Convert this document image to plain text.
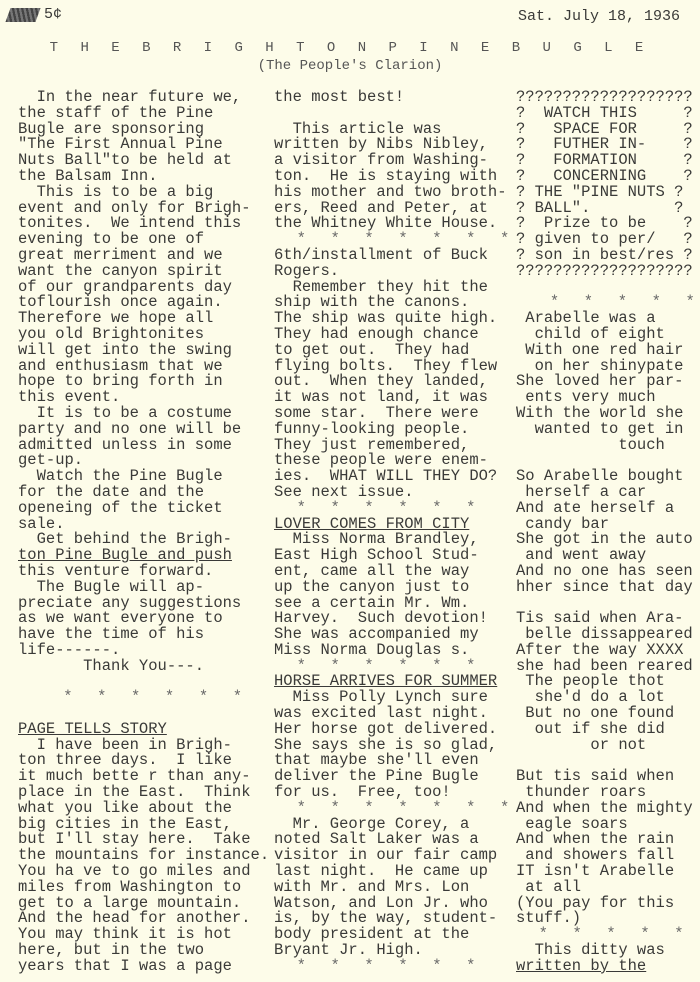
5¢	Sat. July 18, 1936
T H E B R I G H T O N P I N E B U G L E
(The People's Clarion)
In the near future we,
the staff of the Pine
Bugle are sponsoring
"The First Annual Pine
Nuts Ball"to be held at
the Balsam Inn.
This is to be a big
event and only for Brigh-
tonites.  We intend this
evening to be one of
great merriment and we
want the canyon spirit
of our grandparents day
toflourish once again.
Therefore we hope all
you old Brightonites
will get into the swing
and enthusiasm that we
hope to bring forth in
this event.
It is to be a costume
party and no one will be
admitted unless in some
get-up.
Watch the Pine Bugle
for the date and the
openeing of the ticket
sale.
Get behind the Brigh-
ton Pine Bugle and push
this venture forward.
The Bugle will ap-
preciate any suggestions
as we want everyone to
have the time of his
life------.
Thank You---.
*  *  *  *  *  *
PAGE TELLS STORY
I have been in Brigh-
ton three days.  I like
it much bette r than any-
place in the East.  Think
what you like about the
big cities in the East,
but I'll stay here.  Take
the mountains for instance.
You ha ve to go miles and
miles from Washington to
get to a large mountain.
And the head for another.
You may think it is hot
here, but in the two
years that I was a page
the most best!
This article was
written by Nibs Nibley,
a visitor from Washing-
ton.  He is staying with
his mother and two broth-
ers, Reed and Peter, at
the Whitney White House.
*  *  *  *  *  *  *
6th/installment of Buck
Rogers.
Remember they hit the
ship with the canons.
The ship was quite high.
They had enough chance
to get out.  They had
flying bolts.  They flew
out.  When they landed,
it was not land, it was
some star.  There were
funny-looking people.
They just remembered,
these people were enem-
ies.  WHAT WILL THEY DO?
See next issue.
*  *  *  *  *  *
LOVER COMES FROM CITY
Miss Norma Brandley,
East High School Stud-
ent, came all the way
up the canyon just to
see a certain Mr. Wm.
Harvey.  Such devotion!
She was accompanied my
Miss Norma Douglas s.
*  *  *  *  *  *
HORSE ARRIVES FOR SUMMER
Miss Polly Lynch sure
was excited last night.
Her horse got delivered.
She says she is so glad,
that maybe she'll even
deliver the Pine Bugle
for us.  Free, too!
*  *  *  *  *  *  *
Mr. George Corey, a
noted Salt Laker was a
visitor in our fair camp
last night.  He came up
with Mr. and Mrs. Lon
Watson, and Lon Jr. who
is, by the way, student-
body president at the
Bryant Jr. High.
*  *  *  *  *  *
???????????????????
?  WATCH THIS     ?
?   SPACE FOR     ?
?   FUTHER IN-    ?
?   FORMATION     ?
?   CONCERNING    ?
? THE "PINE NUTS ?
? BALL".         ?
?  Prize to be    ?
? given to per/   ?
? son in best/res ?
???????????????????
*  *  *  *  *
Arabelle was a
child of eight
With one red hair
on her shinypate
She loved her par-
ents very much
With the world she
wanted to get in
touch
So Arabelle bought
herself a car
And ate herself a
candy bar
She got in the auto
and went away
And no one has seen
hher since that day
Tis said when Ara-
belle dissappeared
After the way XXXX
she had been reared
The people thot
she'd do a lot
But no one found
out if she did
or not
But tis said when
thunder roars
And when the mighty
eagle soars
And when the rain
and showers fall
IT isn't Arabelle
at all
(You pay for this
stuff.)
*  *  *  *  *
This ditty was
written by the
